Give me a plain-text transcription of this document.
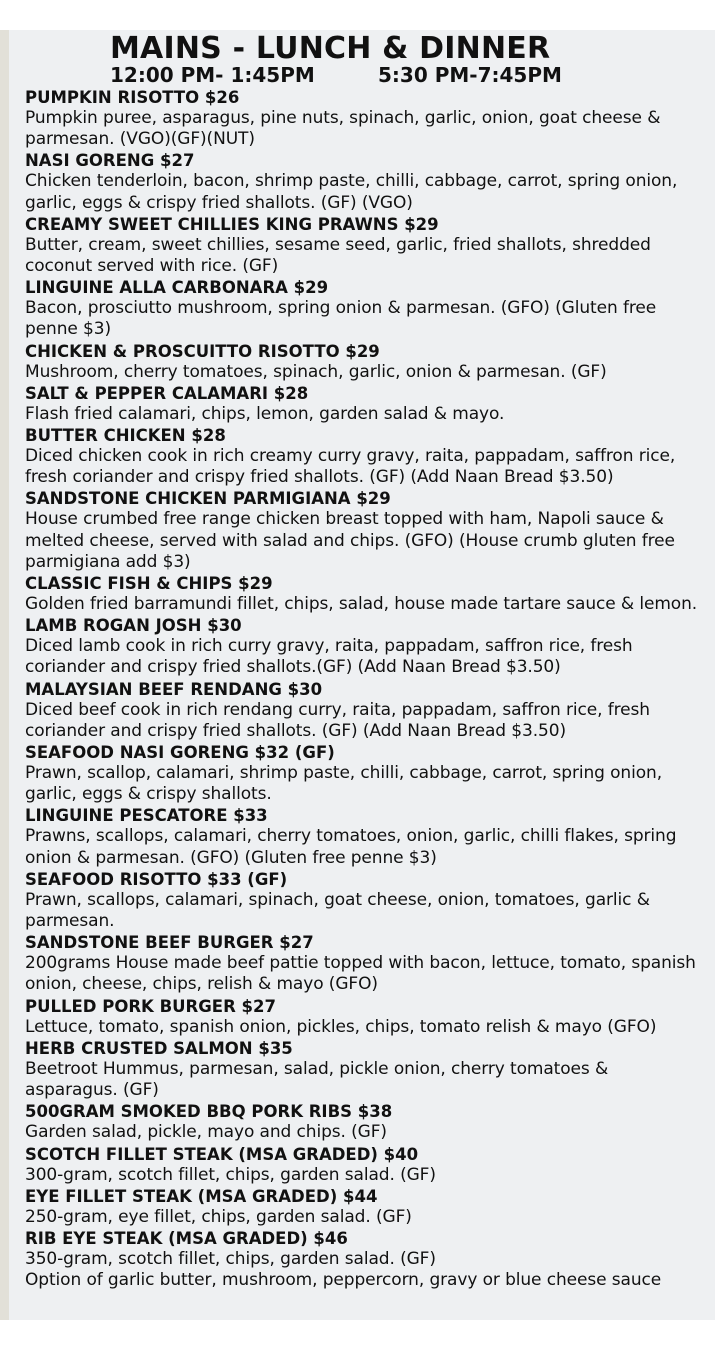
MAINS - LUNCH & DINNER
12:00 PM- 1:45PM	5:30 PM-7:45PM
PUMPKIN RISOTTO $26
Pumpkin puree, asparagus, pine nuts, spinach, garlic, onion, goat cheese & parmesan. (VGO)(GF)(NUT)
NASI GORENG $27
Chicken tenderloin, bacon, shrimp paste, chilli, cabbage, carrot, spring onion, garlic, eggs & crispy fried shallots. (GF) (VGO)
CREAMY SWEET CHILLIES KING PRAWNS $29
Butter, cream, sweet chillies, sesame seed, garlic, fried shallots, shredded coconut served with rice. (GF)
LINGUINE ALLA CARBONARA $29
Bacon, prosciutto mushroom, spring onion & parmesan. (GFO) (Gluten free penne $3)
CHICKEN & PROSCUITTO RISOTTO $29
Mushroom, cherry tomatoes, spinach, garlic, onion & parmesan. (GF)
SALT & PEPPER CALAMARI $28
Flash fried calamari, chips, lemon, garden salad & mayo.
BUTTER CHICKEN $28
Diced chicken cook in rich creamy curry gravy, raita, pappadam, saffron rice, fresh coriander and crispy fried shallots. (GF) (Add Naan Bread $3.50)
SANDSTONE CHICKEN PARMIGIANA $29
House crumbed free range chicken breast topped with ham, Napoli sauce & melted cheese, served with salad and chips. (GFO) (House crumb gluten free parmigiana add $3)
CLASSIC FISH & CHIPS $29
Golden fried barramundi fillet, chips, salad, house made tartare sauce & lemon.
LAMB ROGAN JOSH $30
Diced lamb cook in rich curry gravy, raita, pappadam, saffron rice, fresh coriander and crispy fried shallots.(GF) (Add Naan Bread $3.50)
MALAYSIAN BEEF RENDANG $30
Diced beef cook in rich rendang curry, raita, pappadam, saffron rice, fresh coriander and crispy fried shallots. (GF) (Add Naan Bread $3.50)
SEAFOOD NASI GORENG $32 (GF)
Prawn, scallop, calamari, shrimp paste, chilli, cabbage, carrot, spring onion, garlic, eggs & crispy shallots.
LINGUINE PESCATORE $33
Prawns, scallops, calamari, cherry tomatoes, onion, garlic, chilli flakes, spring onion & parmesan. (GFO) (Gluten free penne $3)
SEAFOOD RISOTTO $33 (GF)
Prawn, scallops, calamari, spinach, goat cheese, onion, tomatoes, garlic & parmesan.
SANDSTONE BEEF BURGER $27
200grams House made beef pattie topped with bacon, lettuce, tomato, spanish onion, cheese, chips, relish & mayo (GFO)
PULLED PORK BURGER $27
Lettuce, tomato, spanish onion, pickles, chips, tomato relish & mayo (GFO)
HERB CRUSTED SALMON $35
Beetroot Hummus, parmesan, salad, pickle onion, cherry tomatoes & asparagus. (GF)
500GRAM SMOKED BBQ PORK RIBS $38
Garden salad, pickle, mayo and chips. (GF)
SCOTCH FILLET STEAK (MSA GRADED) $40
300-gram, scotch fillet, chips, garden salad. (GF)
EYE FILLET STEAK (MSA GRADED) $44
250-gram, eye fillet, chips, garden salad. (GF)
RIB EYE STEAK (MSA GRADED) $46
350-gram, scotch fillet, chips, garden salad. (GF)
Option of garlic butter, mushroom, peppercorn, gravy or blue cheese sauce
